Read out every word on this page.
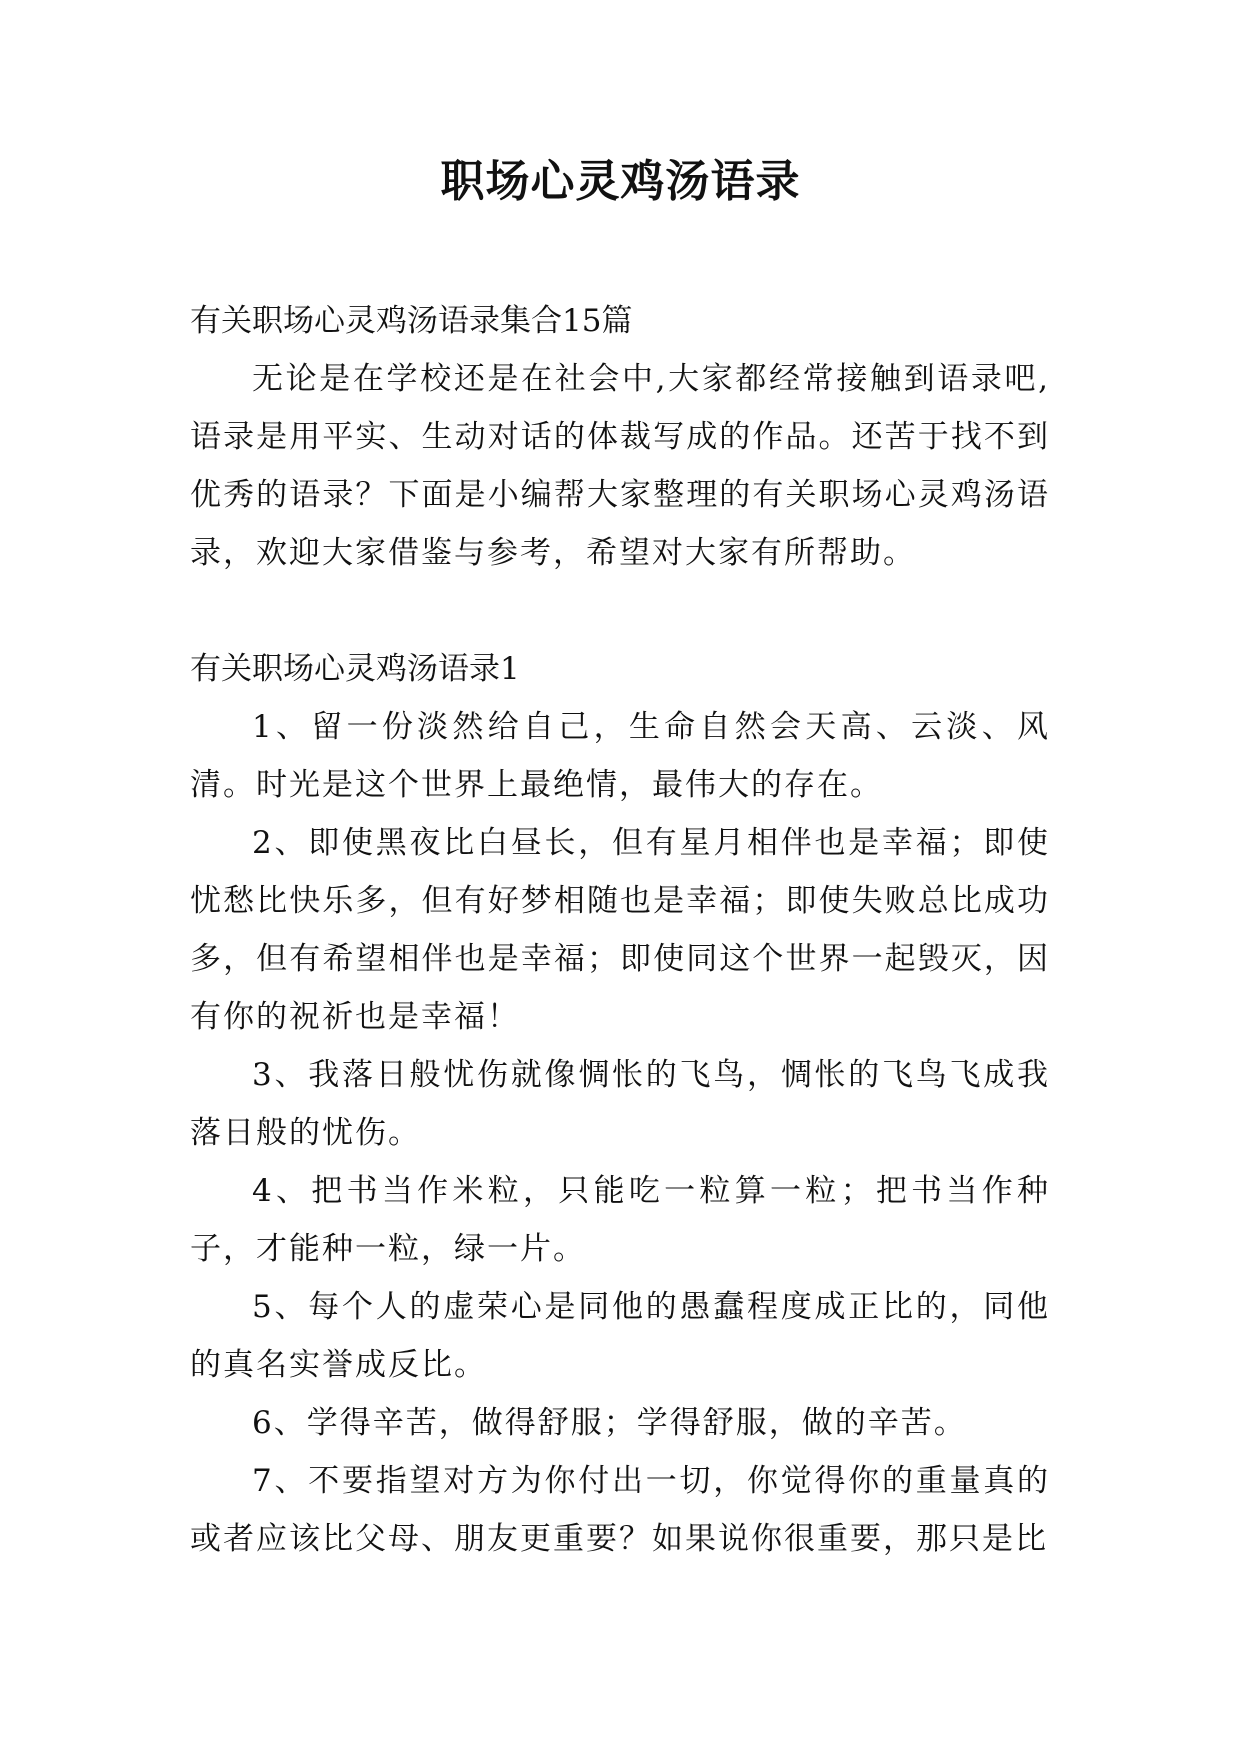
职场心灵鸡汤语录

有关职场心灵鸡汤语录集合15篇

无论是在学校还是在社会中,大家都经常接触到语录吧,语录是用平实、生动对话的体裁写成的作品。还苦于找不到优秀的语录？下面是小编帮大家整理的有关职场心灵鸡汤语录，欢迎大家借鉴与参考，希望对大家有所帮助。

有关职场心灵鸡汤语录1

1、留一份淡然给自己，生命自然会天高、云淡、风清。时光是这个世界上最绝情，最伟大的存在。

2、即使黑夜比白昼长，但有星月相伴也是幸福；即使忧愁比快乐多，但有好梦相随也是幸福；即使失败总比成功多，但有希望相伴也是幸福；即使同这个世界一起毁灭，因有你的祝祈也是幸福！

3、我落日般忧伤就像惆怅的飞鸟，惆怅的飞鸟飞成我落日般的忧伤。

4、把书当作米粒，只能吃一粒算一粒；把书当作种子，才能种一粒，绿一片。

5、每个人的虚荣心是同他的愚蠢程度成正比的，同他的真名实誉成反比。

6、学得辛苦，做得舒服；学得舒服，做的辛苦。

7、不要指望对方为你付出一切，你觉得你的重量真的或者应该比父母、朋友更重要？如果说你很重要，那只是比
